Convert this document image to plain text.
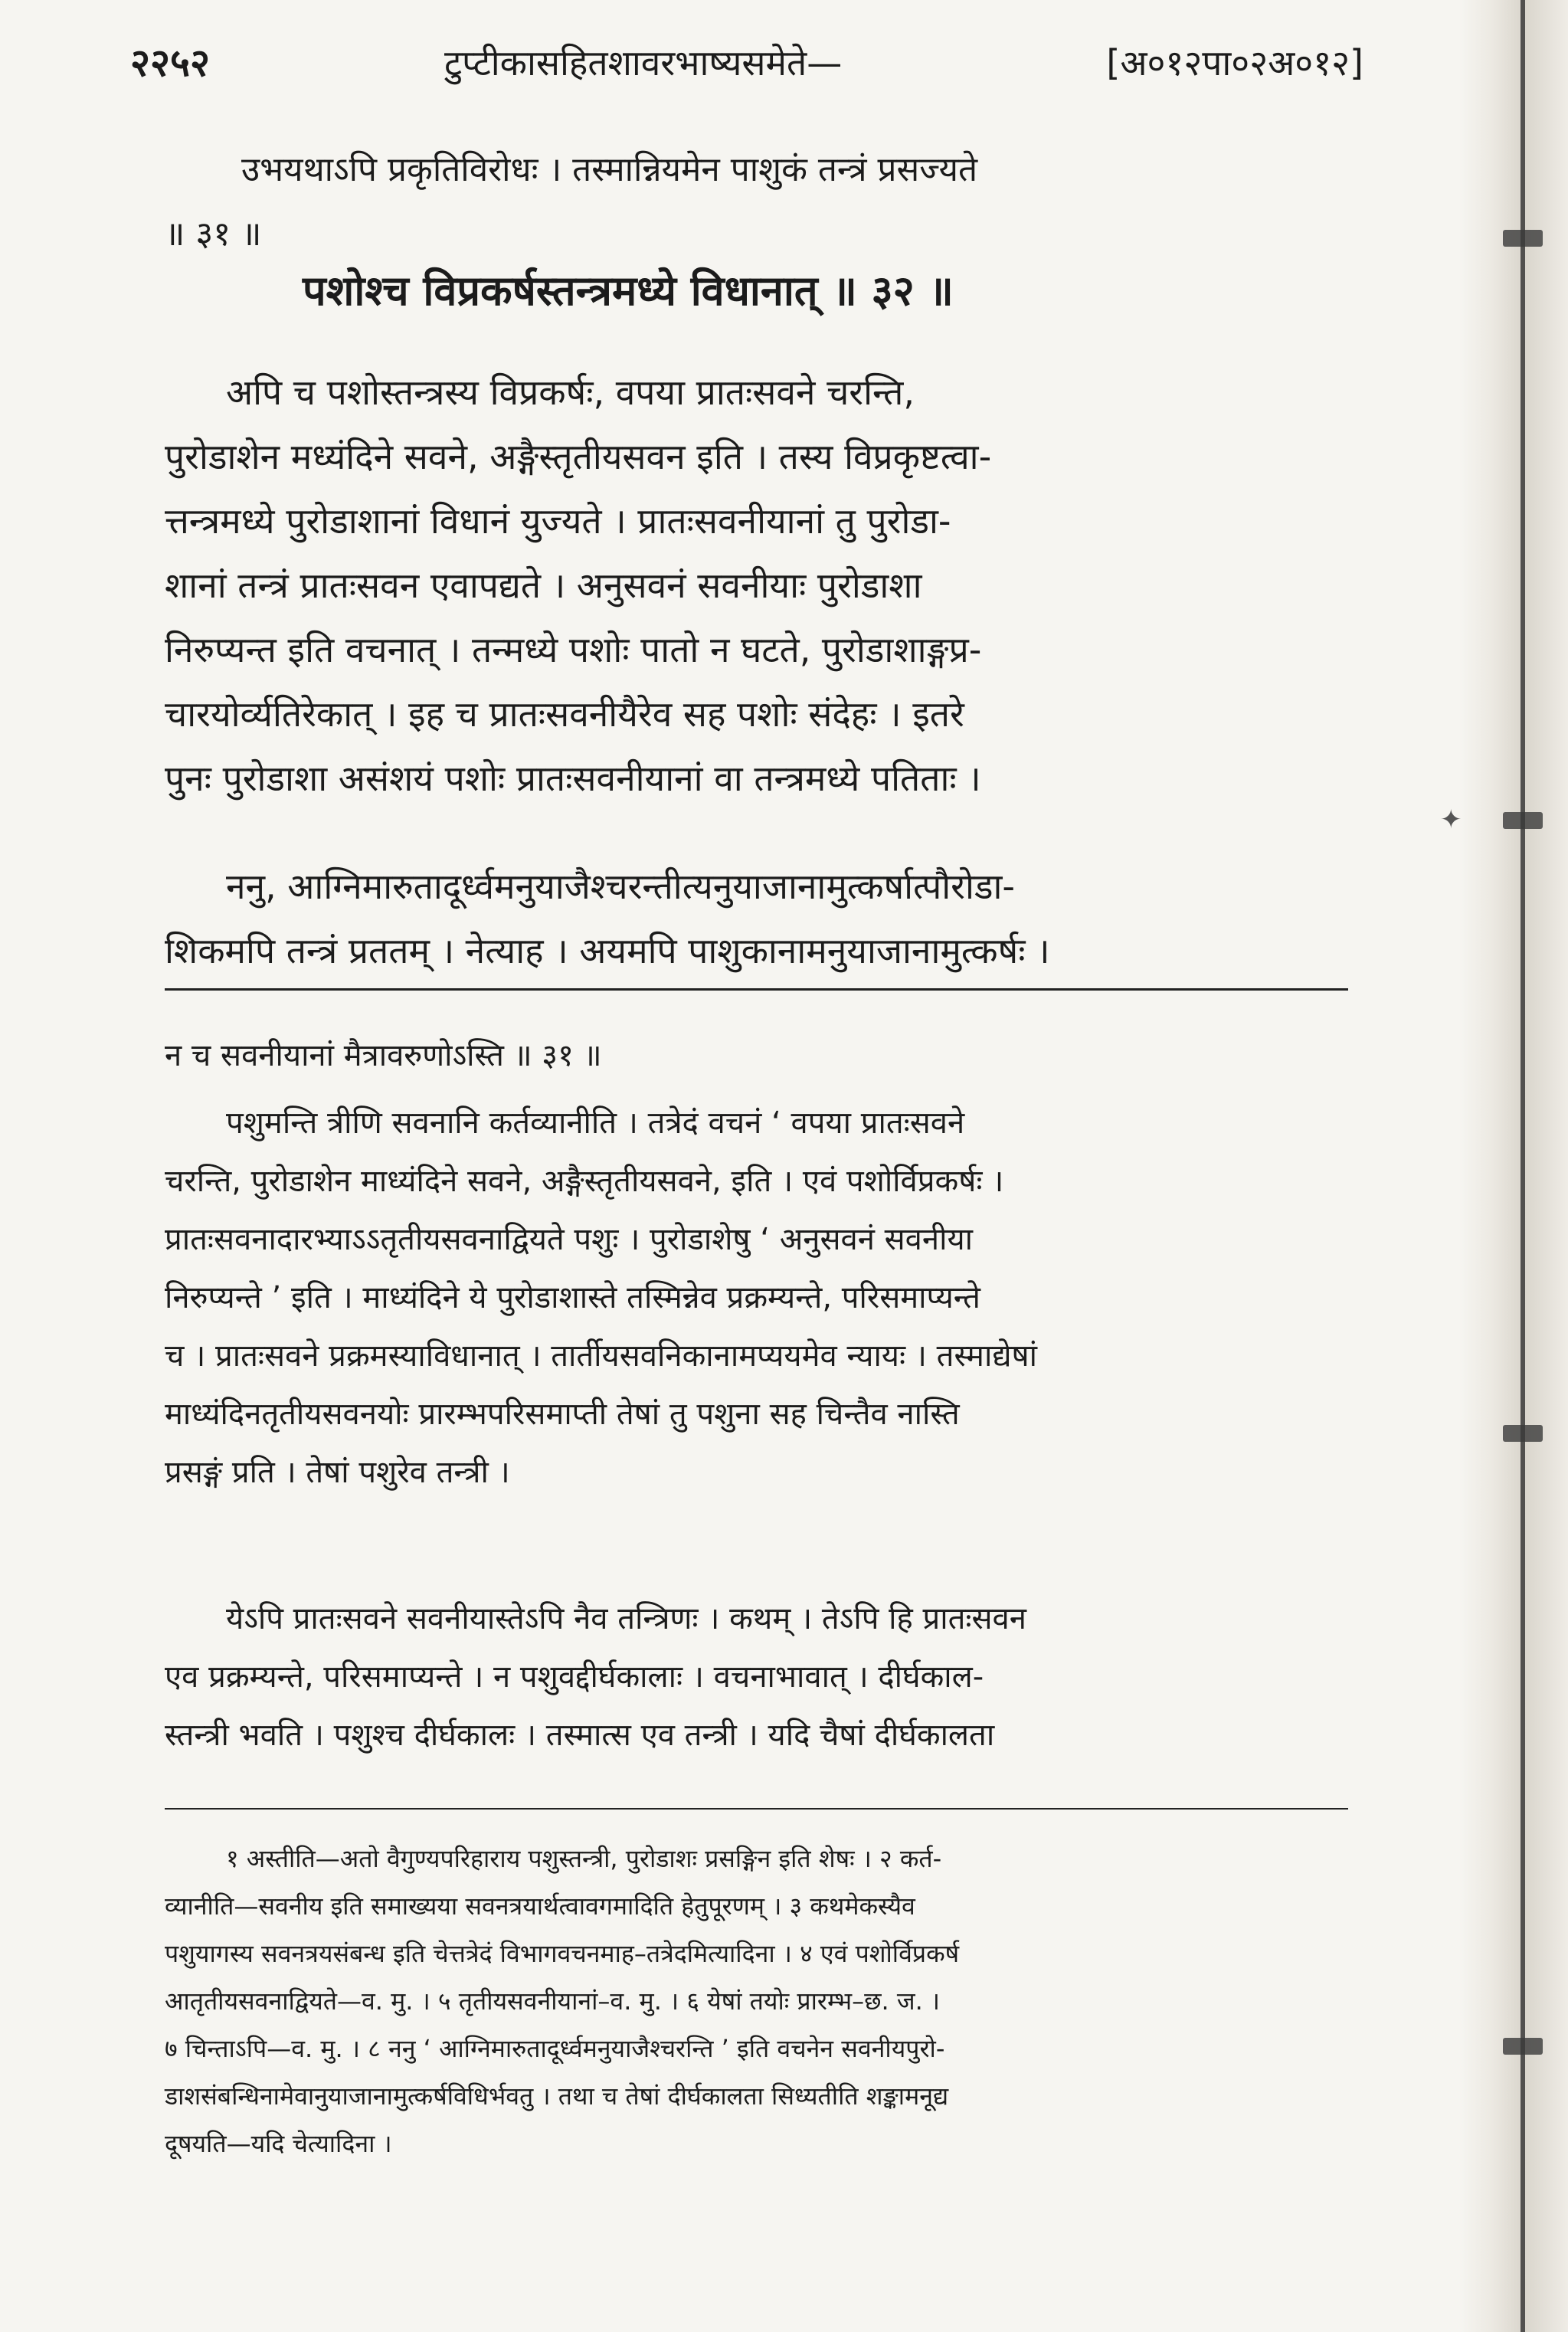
✦
२२५२	टुप्टीकासहितशावरभाष्यसमेते—	[अ०१२पा०२अ०१२]

उभयथाऽपि प्रकृतिविरोधः । तस्मान्नियमेन पाशुकं तन्त्रं प्रसज्यते

॥ ३१ ॥

पशोश्च विप्रकर्षस्तन्त्रमध्ये विधानात् ॥ ३२ ॥

अपि च पशोस्तन्त्रस्य विप्रकर्षः, वपया प्रातःसवने चरन्ति,

पुरोडाशेन मध्यंदिने सवने, अङ्गैस्तृतीयसवन इति । तस्य विप्रकृष्टत्वा-

त्तन्त्रमध्ये पुरोडाशानां विधानं युज्यते । प्रातःसवनीयानां तु पुरोडा-

शानां तन्त्रं प्रातःसवन एवापद्यते । अनुसवनं सवनीयाः पुरोडाशा

निरुप्यन्त इति वचनात् । तन्मध्ये पशोः पातो न घटते, पुरोडाशाङ्गप्र-

चारयोर्व्यतिरेकात् । इह च प्रातःसवनीयैरेव सह पशोः संदेहः । इतरे

पुनः पुरोडाशा असंशयं पशोः प्रातःसवनीयानां वा तन्त्रमध्ये पतिताः ।

ननु, आग्निमारुतादूर्ध्वमनुयाजैश्चरन्तीत्यनुयाजानामुत्कर्षात्पौरोडा-

शिकमपि तन्त्रं प्रततम् । नेत्याह । अयमपि पाशुकानामनुयाजानामुत्कर्षः ।

न च सवनीयानां मैत्रावरुणोऽस्ति ॥ ३१ ॥

पशुमन्ति त्रीणि सवनानि कर्तव्यानीति । तत्रेदं वचनं ‘ वपया प्रातःसवने

चरन्ति, पुरोडाशेन माध्यंदिने सवने, अङ्गैस्तृतीयसवने, इति । एवं पशोर्विप्रकर्षः ।

प्रातःसवनादारभ्याऽऽतृतीयसवनाद्वियते पशुः । पुरोडाशेषु ‘ अनुसवनं सवनीया

निरुप्यन्ते ’ इति । माध्यंदिने ये पुरोडाशास्ते तस्मिन्नेव प्रक्रम्यन्ते, परिसमाप्यन्ते

च । प्रातःसवने प्रक्रमस्याविधानात् । तार्तीयसवनिकानामप्ययमेव न्यायः । तस्माद्येषां

माध्यंदिनतृतीयसवनयोः प्रारम्भपरिसमाप्ती तेषां तु पशुना सह चिन्तैव नास्ति

प्रसङ्गं प्रति । तेषां पशुरेव तन्त्री ।

येऽपि प्रातःसवने सवनीयास्तेऽपि नैव तन्त्रिणः । कथम् । तेऽपि हि प्रातःसवन

एव प्रक्रम्यन्ते, परिसमाप्यन्ते । न पशुवद्दीर्घकालाः । वचनाभावात् । दीर्घकाल-

स्तन्त्री भवति । पशुश्च दीर्घकालः । तस्मात्स एव तन्त्री । यदि चैषां दीर्घकालता

१ अस्तीति—अतो वैगुण्यपरिहाराय पशुस्तन्त्री, पुरोडाशः प्रसङ्गिन इति शेषः । २ कर्त-

व्यानीति—सवनीय इति समाख्यया सवनत्रयार्थत्वावगमादिति हेतुपूरणम् । ३ कथमेकस्यैव

पशुयागस्य सवनत्रयसंबन्ध इति चेत्तत्रेदं विभागवचनमाह–तत्रेदमित्यादिना । ४ एवं पशोर्विप्रकर्ष

आतृतीयसवनाद्वियते—व. मु. । ५ तृतीयसवनीयानां–व. मु. । ६ येषां तयोः प्रारम्भ–छ. ज. ।

७ चिन्ताऽपि—व. मु. । ८ ननु ‘ आग्निमारुतादूर्ध्वमनुयाजैश्चरन्ति ’ इति वचनेन सवनीयपुरो-

डाशसंबन्धिनामेवानुयाजानामुत्कर्षविधिर्भवतु । तथा च तेषां दीर्घकालता सिध्यतीति शङ्कामनूद्य

दूषयति—यदि चेत्यादिना ।
